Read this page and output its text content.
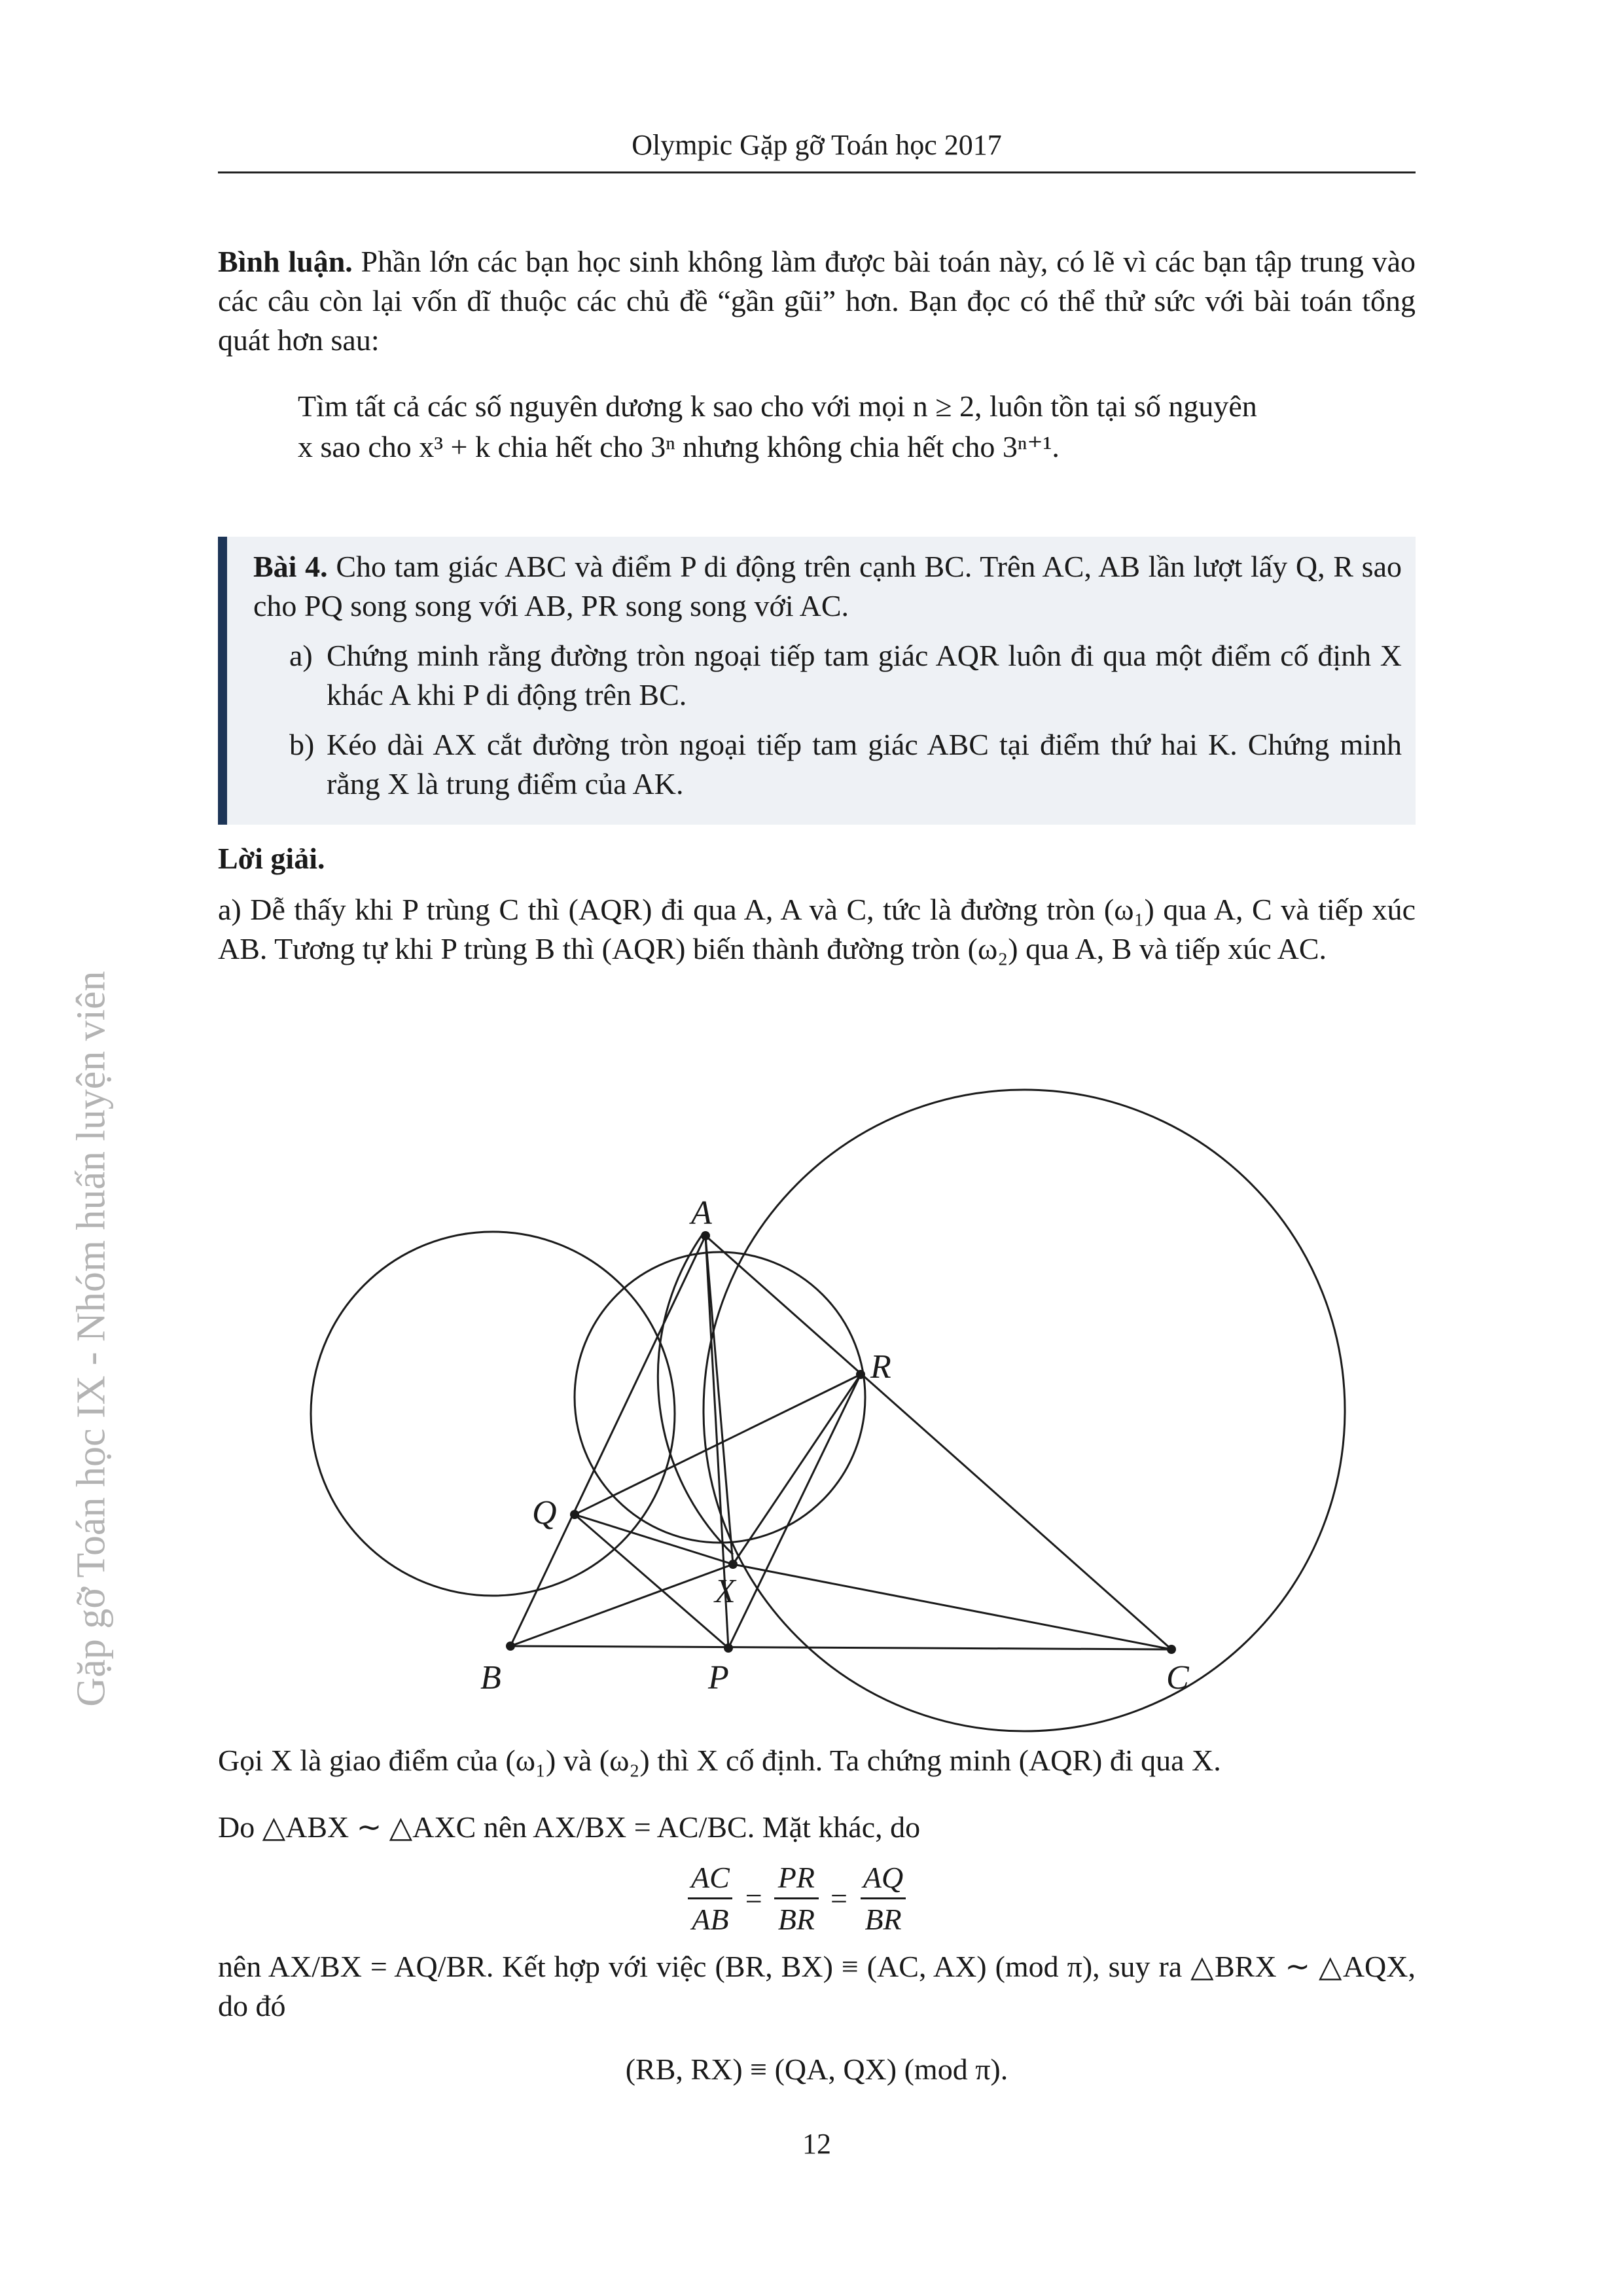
Olympic Gặp gỡ Toán học 2017
Gặp gỡ Toán học IX - Nhóm huấn luyện viên

Bình luận. Phần lớn các bạn học sinh không làm được bài toán này, có lẽ vì các bạn tập trung vào các câu còn lại vốn dĩ thuộc các chủ đề “gần gũi” hơn. Bạn đọc có thể thử sức với bài toán tổng quát hơn sau:

Tìm tất cả các số nguyên dương k sao cho với mọi n ≥ 2, luôn tồn tại số nguyên
x sao cho x³ + k chia hết cho 3ⁿ nhưng không chia hết cho 3ⁿ⁺¹.
Bài 4. Cho tam giác ABC và điểm P di động trên cạnh BC. Trên AC, AB lần lượt lấy Q, R sao cho PQ song song với AB, PR song song với AC.
a) Chứng minh rằng đường tròn ngoại tiếp tam giác AQR luôn đi qua một điểm cố định X khác A khi P di động trên BC.
b) Kéo dài AX cắt đường tròn ngoại tiếp tam giác ABC tại điểm thứ hai K. Chứng minh rằng X là trung điểm của AK.
Lời giải.
a) Dễ thấy khi P trùng C thì (AQR) đi qua A, A và C, tức là đường tròn (ω₁) qua A, C và tiếp xúc AB. Tương tự khi P trùng B thì (AQR) biến thành đường tròn (ω₂) qua A, B và tiếp xúc AC.
A
R
Q
X
B	P	C
Gọi X là giao điểm của (ω₁) và (ω₂) thì X cố định. Ta chứng minh (AQR) đi qua X.
Do △ABX ∼ △AXC nên AX/BX = AC/BC. Mặt khác, do
$\frac{AC}{AB} = \frac{PR}{BR} = \frac{AQ}{BR}$
nên AX/BX = AQ/BR. Kết hợp với việc (BR, BX) ≡ (AC, AX) (mod π), suy ra △BRX ∼ △AQX, do đó
(RB, RX) ≡ (QA, QX) (mod π).
12
